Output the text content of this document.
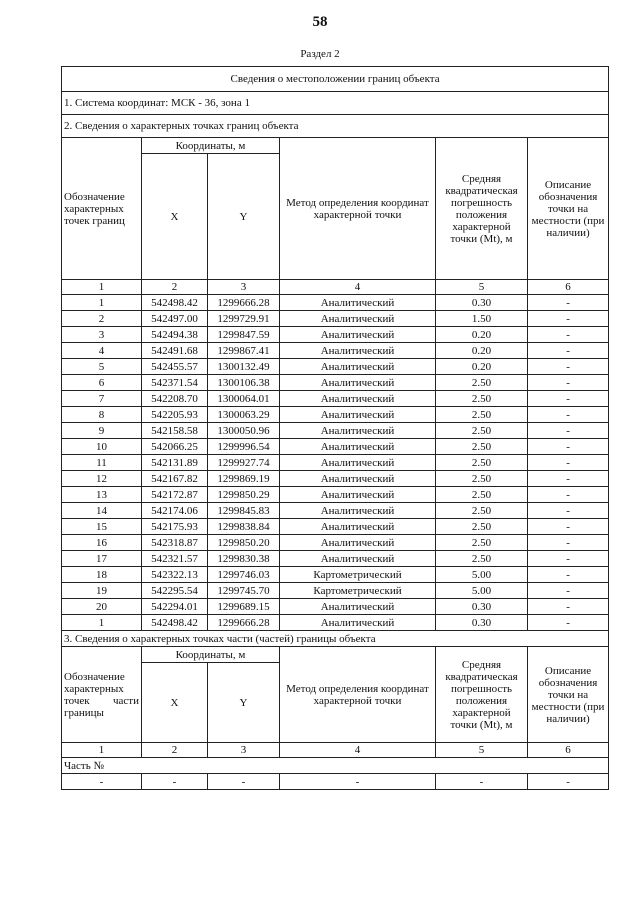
58
Раздел 2
Сведения о местоположении границ объекта					
1. Система координат: МСК - 36, зона 1					
2. Сведения о характерных точках границ объекта					
Обозначение характерных точек границ	Координаты, м		Метод определения координат характерной точки	Средняя квадратическая погрешность положения характерной точки (Mt), м	Описание обозначения точки на местности (при наличии)
	X	Y			
1	2	3	4	5	6
1	542498.42	1299666.28	Аналитический	0.30	-
2	542497.00	1299729.91	Аналитический	1.50	-
3	542494.38	1299847.59	Аналитический	0.20	-
4	542491.68	1299867.41	Аналитический	0.20	-
5	542455.57	1300132.49	Аналитический	0.20	-
6	542371.54	1300106.38	Аналитический	2.50	-
7	542208.70	1300064.01	Аналитический	2.50	-
8	542205.93	1300063.29	Аналитический	2.50	-
9	542158.58	1300050.96	Аналитический	2.50	-
10	542066.25	1299996.54	Аналитический	2.50	-
11	542131.89	1299927.74	Аналитический	2.50	-
12	542167.82	1299869.19	Аналитический	2.50	-
13	542172.87	1299850.29	Аналитический	2.50	-
14	542174.06	1299845.83	Аналитический	2.50	-
15	542175.93	1299838.84	Аналитический	2.50	-
16	542318.87	1299850.20	Аналитический	2.50	-
17	542321.57	1299830.38	Аналитический	2.50	-
18	542322.13	1299746.03	Картометрический	5.00	-
19	542295.54	1299745.70	Картометрический	5.00	-
20	542294.01	1299689.15	Аналитический	0.30	-
1	542498.42	1299666.28	Аналитический	0.30	-
3. Сведения о характерных точках части (частей) границы объекта					
Обозначение характерных точек части границы	Координаты, м		Метод определения координат характерной точки	Средняя квадратическая погрешность положения характерной точки (Mt), м	Описание обозначения точки на местности (при наличии)
	X	Y			
1	2	3	4	5	6
Часть №					
-	-	-	-	-	-
